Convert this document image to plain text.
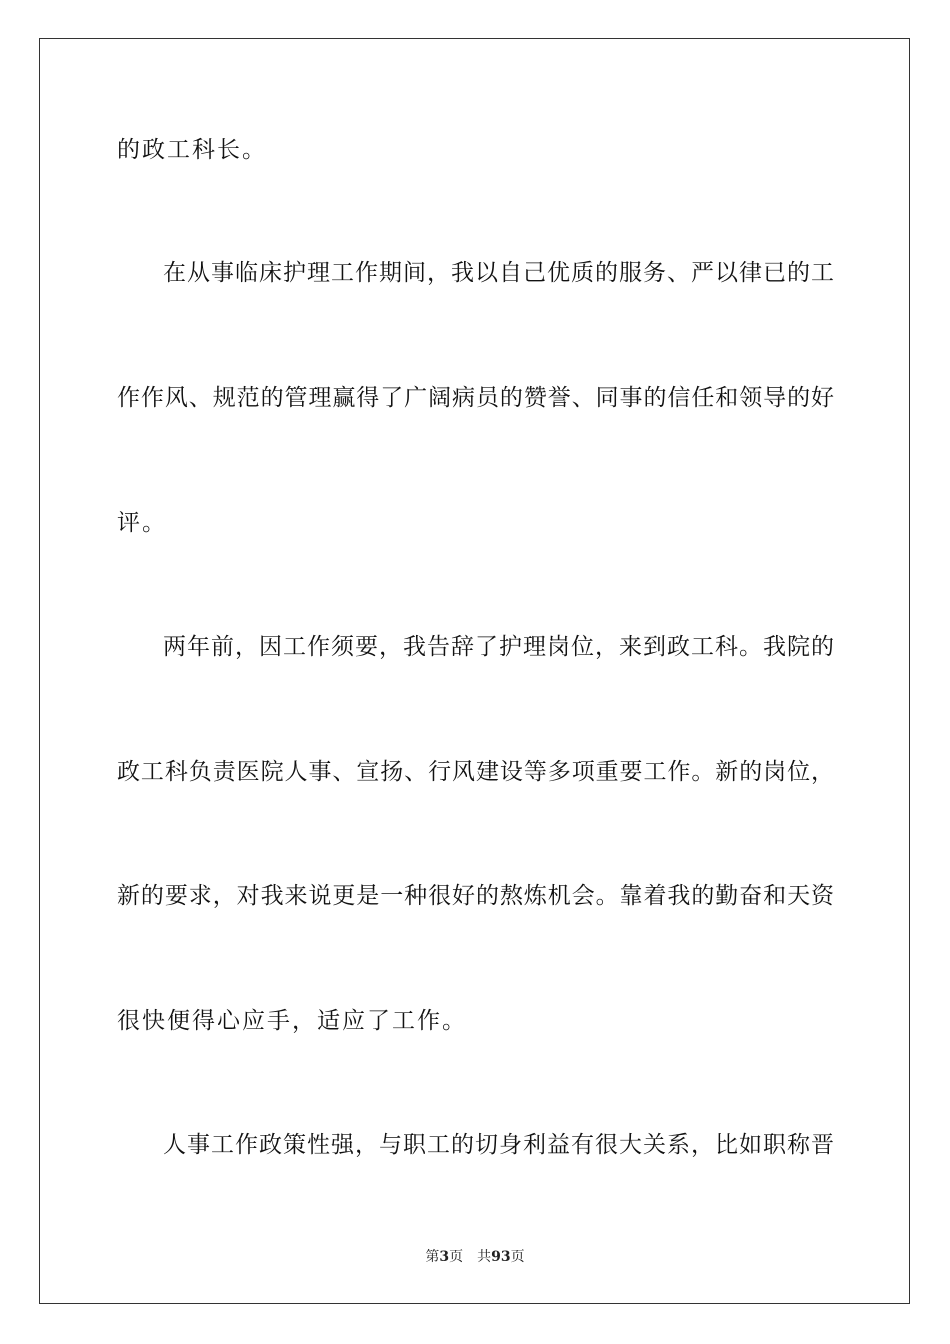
的政工科长。
在从事临床护理工作期间，我以自己优质的服务、严以律已的工
作作风、规范的管理赢得了广阔病员的赞誉、同事的信任和领导的好
评。
两年前，因工作须要，我告辞了护理岗位，来到政工科。我院的
政工科负责医院人事、宣扬、行风建设等多项重要工作。新的岗位，
新的要求，对我来说更是一种很好的熬炼机会。靠着我的勤奋和天资
很快便得心应手，适应了工作。
人事工作政策性强，与职工的切身利益有很大关系，比如职称晋
第3页 共93页
